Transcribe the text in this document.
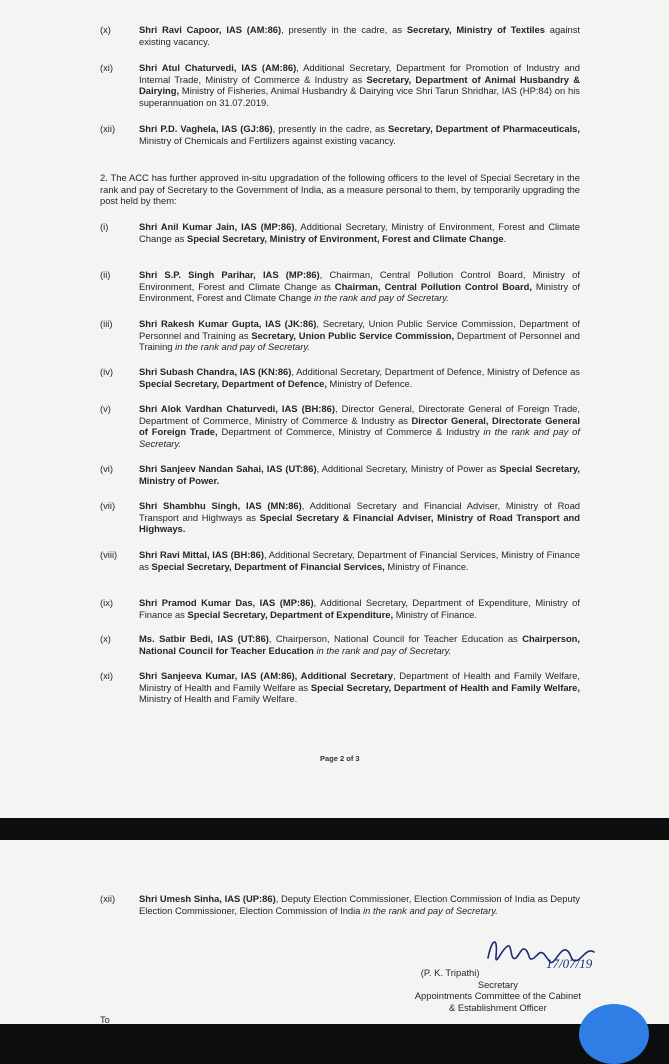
(x)	Shri Ravi Capoor, IAS (AM:86), presently in the cadre, as Secretary, Ministry of Textiles against existing vacancy.
(xi)	Shri Atul Chaturvedi, IAS (AM:86), Additional Secretary, Department for Promotion of Industry and Internal Trade, Ministry of Commerce & Industry as Secretary, Department of Animal Husbandry & Dairying, Ministry of Fisheries, Animal Husbandry & Dairying vice Shri Tarun Shridhar, IAS (HP:84) on his superannuation on 31.07.2019.
(xii)	Shri P.D. Vaghela, IAS (GJ:86), presently in the cadre, as Secretary, Department of Pharmaceuticals, Ministry of Chemicals and Fertilizers against existing vacancy.
2. The ACC has further approved in-situ upgradation of the following officers to the level of Special Secretary in the rank and pay of Secretary to the Government of India, as a measure personal to them, by temporarily upgrading the post held by them:
(i)	Shri Anil Kumar Jain, IAS (MP:86), Additional Secretary, Ministry of Environment, Forest and Climate Change as Special Secretary, Ministry of Environment, Forest and Climate Change.
(ii)	Shri S.P. Singh Parihar, IAS (MP:86), Chairman, Central Pollution Control Board, Ministry of Environment, Forest and Climate Change as Chairman, Central Pollution Control Board, Ministry of Environment, Forest and Climate Change in the rank and pay of Secretary.
(iii)	Shri Rakesh Kumar Gupta, IAS (JK:86), Secretary, Union Public Service Commission, Department of Personnel and Training as Secretary, Union Public Service Commission, Department of Personnel and Training in the rank and pay of Secretary.
(iv)	Shri Subash Chandra, IAS (KN:86), Additional Secretary, Department of Defence, Ministry of Defence as Special Secretary, Department of Defence, Ministry of Defence.
(v)	Shri Alok Vardhan Chaturvedi, IAS (BH:86), Director General, Directorate General of Foreign Trade, Department of Commerce, Ministry of Commerce & Industry as Director General, Directorate General of Foreign Trade, Department of Commerce, Ministry of Commerce & Industry in the rank and pay of Secretary.
(vi)	Shri Sanjeev Nandan Sahai, IAS (UT:86), Additional Secretary, Ministry of Power as Special Secretary, Ministry of Power.
(vii)	Shri Shambhu Singh, IAS (MN:86), Additional Secretary and Financial Adviser, Ministry of Road Transport and Highways as Special Secretary & Financial Adviser, Ministry of Road Transport and Highways.
(viii)	Shri Ravi Mittal, IAS (BH:86), Additional Secretary, Department of Financial Services, Ministry of Finance as Special Secretary, Department of Financial Services, Ministry of Finance.
(ix)	Shri Pramod Kumar Das, IAS (MP:86), Additional Secretary, Department of Expenditure, Ministry of Finance as Special Secretary, Department of Expenditure, Ministry of Finance.
(x)	Ms. Satbir Bedi, IAS (UT:86), Chairperson, National Council for Teacher Education as Chairperson, National Council for Teacher Education in the rank and pay of Secretary.
(xi)	Shri Sanjeeva Kumar, IAS (AM:86), Additional Secretary, Department of Health and Family Welfare, Ministry of Health and Family Welfare as Special Secretary, Department of Health and Family Welfare, Ministry of Health and Family Welfare.
Page 2 of 3
(xii)	Shri Umesh Sinha, IAS (UP:86), Deputy Election Commissioner, Election Commission of India as Deputy Election Commissioner, Election Commission of India in the rank and pay of Secretary.
17/07/19
(P. K. Tripathi)
Secretary
Appointments Committee of the Cabinet
& Establishment Officer
To
